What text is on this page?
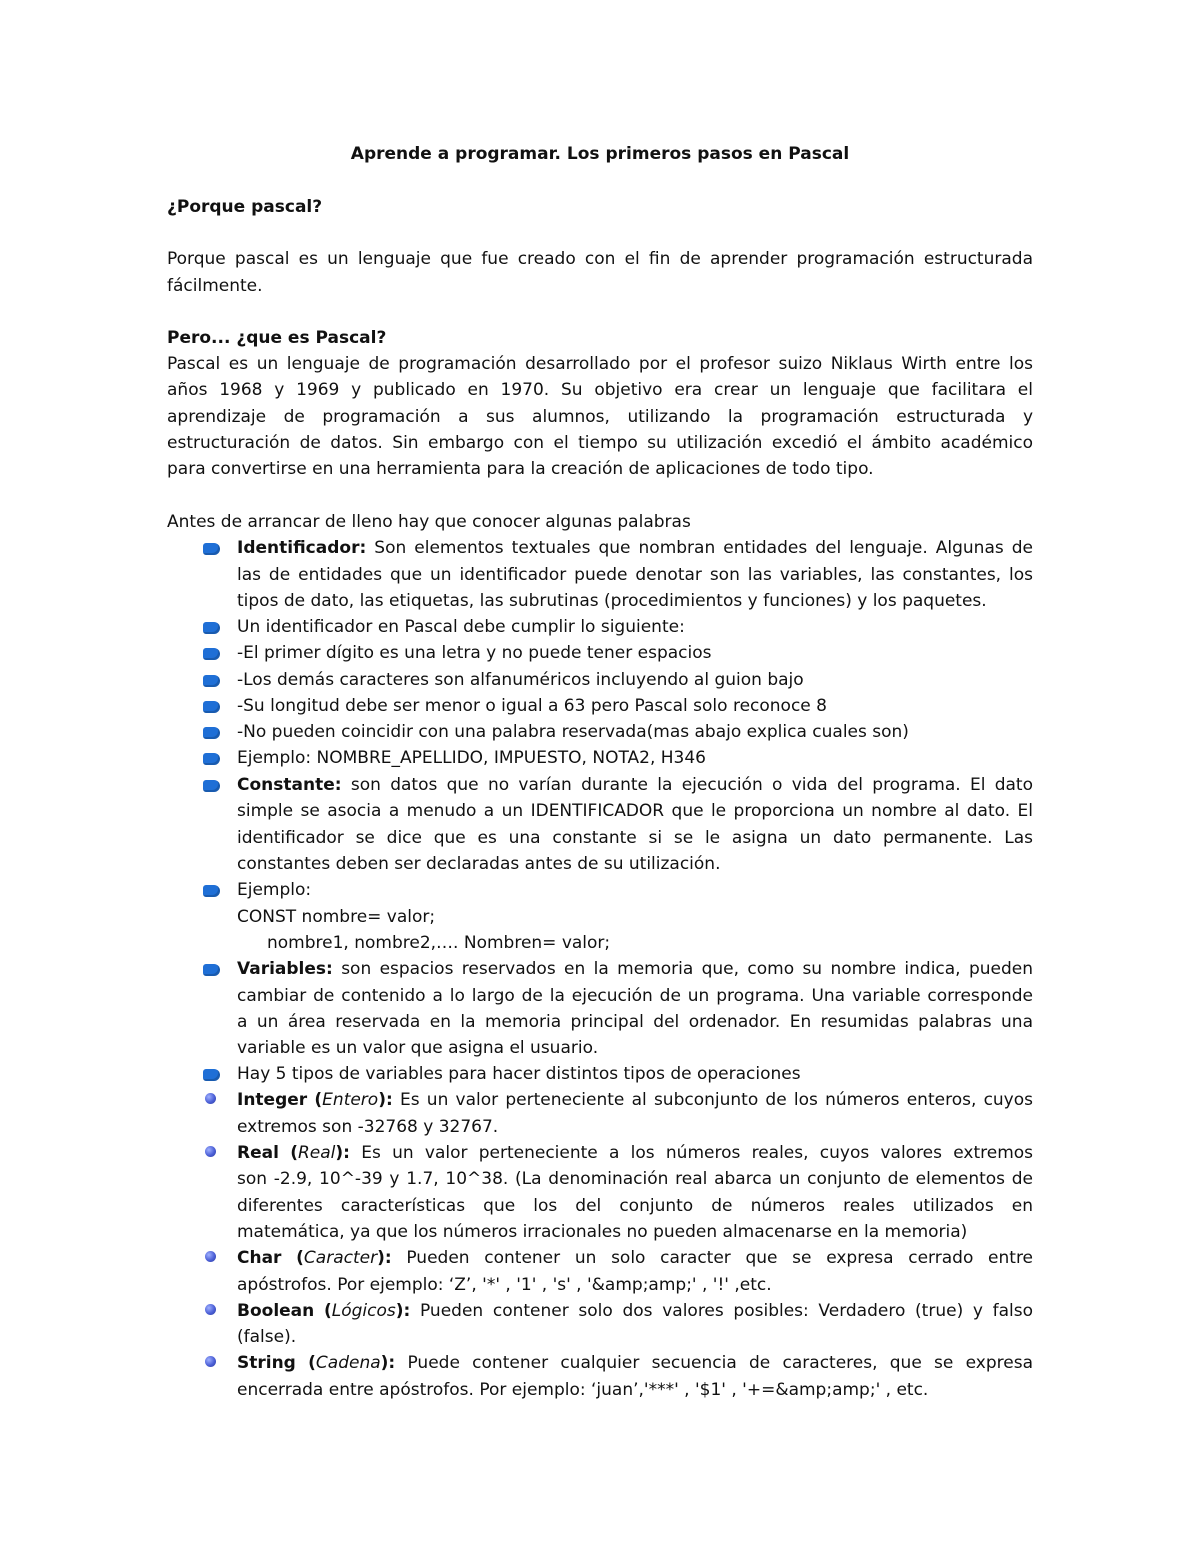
Aprende a programar. Los primeros pasos en Pascal
¿Porque pascal?
Porque pascal es un lenguaje que fue creado con el fin de aprender programación estructurada
fácilmente.
Pero... ¿que es Pascal?
Pascal es un lenguaje de programación desarrollado por el profesor suizo Niklaus Wirth entre los
años 1968 y 1969 y publicado en 1970. Su objetivo era crear un lenguaje que facilitara el
aprendizaje de programación a sus alumnos, utilizando la programación estructurada y
estructuración de datos. Sin embargo con el tiempo su utilización excedió el ámbito académico
para convertirse en una herramienta para la creación de aplicaciones de todo tipo.
Antes de arrancar de lleno hay que conocer algunas palabras
Identificador: Son elementos textuales que nombran entidades del lenguaje. Algunas de
las de entidades que un identificador puede denotar son las variables, las constantes, los
tipos de dato, las etiquetas, las subrutinas (procedimientos y funciones) y los paquetes.
Un identificador en Pascal debe cumplir lo siguiente:
-El primer dígito es una letra y no puede tener espacios
-Los demás caracteres son alfanuméricos incluyendo al guion bajo
-Su longitud debe ser menor o igual a 63 pero Pascal solo reconoce 8
-No pueden coincidir con una palabra reservada(mas abajo explica cuales son)
Ejemplo: NOMBRE_APELLIDO, IMPUESTO, NOTA2, H346
Constante: son datos que no varían durante la ejecución o vida del programa. El dato
simple se asocia a menudo a un IDENTIFICADOR que le proporciona un nombre al dato. El
identificador se dice que es una constante si se le asigna un dato permanente. Las
constantes deben ser declaradas antes de su utilización.
Ejemplo:
CONST nombre= valor;
nombre1, nombre2,…. Nombren= valor;
Variables: son espacios reservados en la memoria que, como su nombre indica, pueden
cambiar de contenido a lo largo de la ejecución de un programa. Una variable corresponde
a un área reservada en la memoria principal del ordenador. En resumidas palabras una
variable es un valor que asigna el usuario.
Hay 5 tipos de variables para hacer distintos tipos de operaciones
Integer (Entero): Es un valor perteneciente al subconjunto de los números enteros, cuyos
extremos son -32768 y 32767.
Real (Real): Es un valor perteneciente a los números reales, cuyos valores extremos
son -2.9, 10^-39 y 1.7, 10^38. (La denominación real abarca un conjunto de elementos de
diferentes características que los del conjunto de números reales utilizados en
matemática, ya que los números irracionales no pueden almacenarse en la memoria)
Char (Caracter): Pueden contener un solo caracter que se expresa cerrado entre
apóstrofos. Por ejemplo: ‘Z’, '*' , '1' , 's' , '&amp;amp;' , '!' ,etc.
Boolean (Lógicos): Pueden contener solo dos valores posibles: Verdadero (true) y falso
(false).
String (Cadena): Puede contener cualquier secuencia de caracteres, que se expresa
encerrada entre apóstrofos. Por ejemplo: ‘juan’,'***' , '$1' , '+=&amp;amp;' , etc.
